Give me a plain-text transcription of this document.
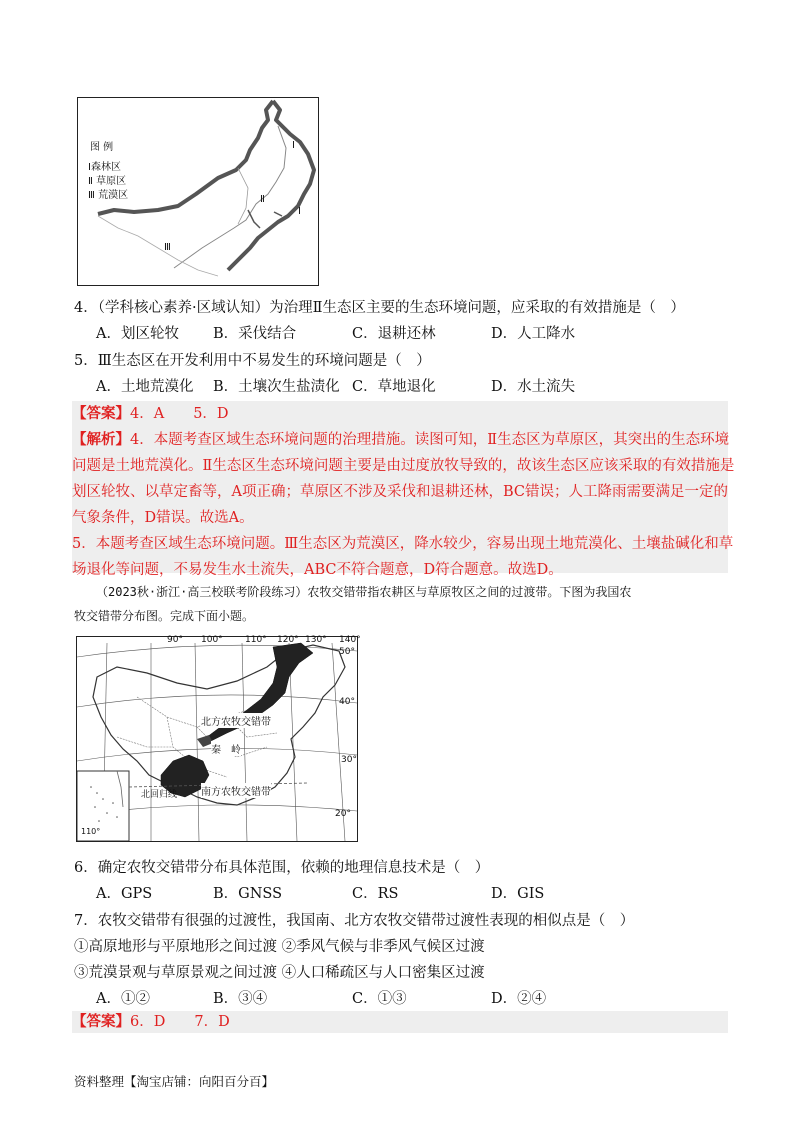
图 例
Ⅰ森林区
Ⅱ 草原区
Ⅲ 荒漠区
Ⅰ
Ⅱ
Ⅰ
Ⅲ
4．（学科核心素养·区域认知）为治理Ⅱ生态区主要的生态环境问题，应采取的有效措施是（　）
A．划区轮牧 B．采伐结合	C．退耕还林	D．人工降水
5．Ⅲ生态区在开发利用中不易发生的环境问题是（　）
A．土地荒漠化 B．土壤次生盐渍化 C．草地退化	D．水土流失
【答案】4．A　　5．D
【解析】4．本题考查区域生态环境问题的治理措施。读图可知，Ⅱ生态区为草原区，其突出的生态环境
问题是土地荒漠化。Ⅱ生态区生态环境问题主要是由过度放牧导致的，故该生态区应该采取的有效措施是
划区轮牧、以草定畜等，A项正确；草原区不涉及采伐和退耕还林，BC错误；人工降雨需要满足一定的
气象条件，D错误。故选A。
5．本题考查区域生态环境问题。Ⅲ生态区为荒漠区，降水较少，容易出现土地荒漠化、土壤盐碱化和草
场退化等问题，不易发生水土流失，ABC不符合题意，D符合题意。故选D。
（2023秋·浙江·高三校联考阶段练习）农牧交错带指农耕区与草原牧区之间的过渡带。下图为我国农
牧交错带分布图。完成下面小题。
90° 100° 110° 120° 130° 140°
50°
40°
30°
20°
北方农牧交错带
秦　岭
南方农牧交错带
北回归线
110°
6．确定农牧交错带分布具体范围，依赖的地理信息技术是（　）
A．GPS	B．GNSS	C．RS	D．GIS
7．农牧交错带有很强的过渡性，我国南、北方农牧交错带过渡性表现的相似点是（　）
①高原地形与平原地形之间过渡 ②季风气候与非季风气候区过渡
③荒漠景观与草原景观之间过渡 ④人口稀疏区与人口密集区过渡
A．①②	B．③④	C．①③	D．②④
【答案】6．D　　7．D
资料整理【淘宝店铺：向阳百分百】
